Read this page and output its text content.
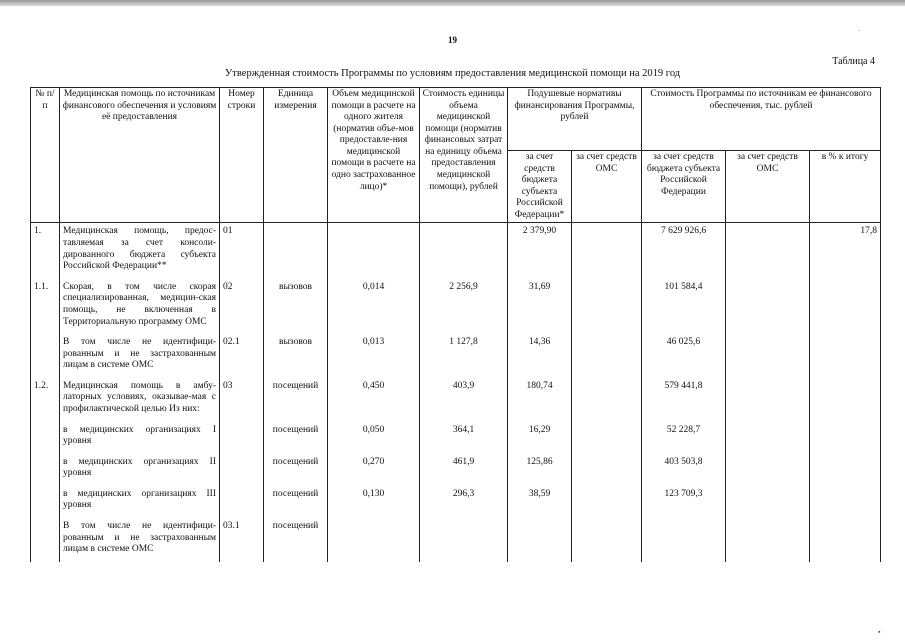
·
▪
19
Таблица 4
Утвержденная стоимость Программы по условиям предоставления медицинской помощи на 2019 год
№ п/п	Медицинская помощь по источникам финансового обеспечения и условиям её предоставления	Номер строки	Единица измерения	Объем медицинской помощи в расчете на одного жителя (норматив объе-мов предоставле-ния медицинской помощи в расчете на одно застрахованное лицо)*	Стоимость единицы объема медицинской помощи (норматив финансовых затрат на единицу объема предоставления медицинской помощи), рублей	Подушевые нормативы финансирования Программы, рублей		Стоимость Программы по источникам ее финансового обеспечения, тыс. рублей		
						за счет средств бюджета субъекта Российской Федерации*	за счет средств ОМС	за счет средств бюджета субъекта Российской Федерации	за счет средств ОМС	в % к итогу
1.	Медицинская помощь, предос-тавляемая за счет консоли-дированного бюджета субъекта Российской Федерации**	01				2 379,90		7 629 926,6		17,8
1.1.	Скорая, в том числе скорая специализированная, медицин-ская помощь, не включенная в Территориальную программу ОМС	02	вызовов	0,014	2 256,9	31,69		101 584,4		
	В том числе не идентифици-рованным и не застрахованным лицам в системе ОМС	02.1	вызовов	0,013	1 127,8	14,36		46 025,6		
1.2.	Медицинская помощь в амбу-латорных условиях, оказывае-мая с профилактической целью Из них:	03	посещений	0,450	403,9	180,74		579 441,8		
	в медицинских организациях I уровня		посещений	0,050	364,1	16,29		52 228,7		
	в медицинских организациях II уровня		посещений	0,270	461,9	125,86		403 503,8		
	в медицинских организациях III уровня		посещений	0,130	296,3	38,59		123 709,3		
	В том числе не идентифици-рованным и не застрахованным лицам в системе ОМС	03.1	посещений							
